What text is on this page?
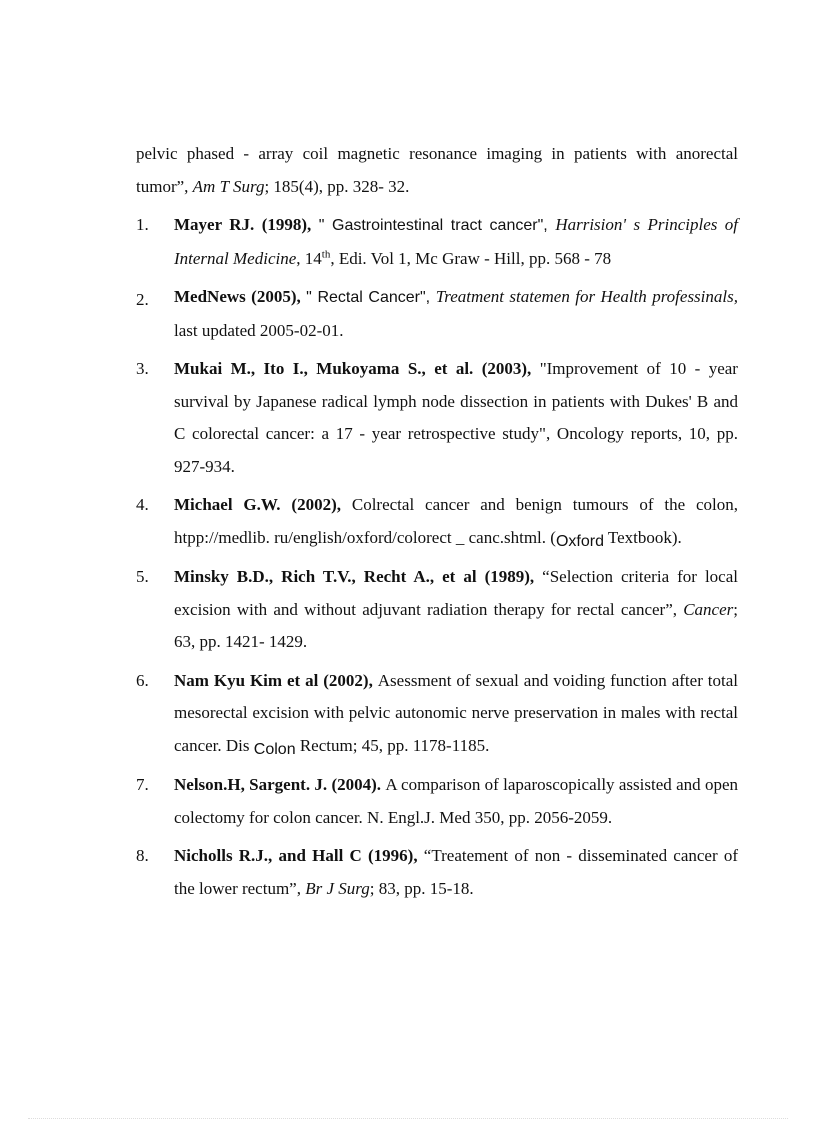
pelvic phased - array coil magnetic resonance imaging in patients with anorectal tumor”, Am T Surg; 185(4), pp. 328- 32.

1. Mayer RJ. (1998), " Gastrointestinal tract cancer", Harrision' s Principles of Internal Medicine, 14th, Edi. Vol 1, Mc Graw - Hill, pp. 568 - 78
2. MedNews (2005), " Rectal Cancer", Treatment statemen for Health professinals, last updated 2005-02-01.
3. Mukai M., Ito I., Mukoyama S., et al. (2003), "Improvement of 10 - year survival by Japanese radical lymph node dissection in patients with Dukes' B and C colorectal cancer: a 17 - year retrospective study", Oncology reports, 10, pp. 927-934.
4. Michael G.W. (2002), Colrectal cancer and benign tumours of the colon, htpp://medlib. ru/english/oxford/colorect _ canc.shtml. (Oxford Textbook).
5. Minsky B.D., Rich T.V., Recht A., et al (1989), “Selection criteria for local excision with and without adjuvant radiation therapy for rectal cancer”, Cancer; 63, pp. 1421- 1429.
6. Nam Kyu Kim et al (2002), Asessment of sexual and voiding function after total mesorectal excision with pelvic autonomic nerve preservation in males with rectal cancer. Dis Colon Rectum; 45, pp. 1178-1185.
7. Nelson.H, Sargent. J. (2004). A comparison of laparoscopically assisted and open colectomy for colon cancer. N. Engl.J. Med 350, pp. 2056-2059.
8. Nicholls R.J., and Hall C (1996), “Treatement of non - disseminated cancer of the lower rectum”, Br J Surg; 83, pp. 15-18.
